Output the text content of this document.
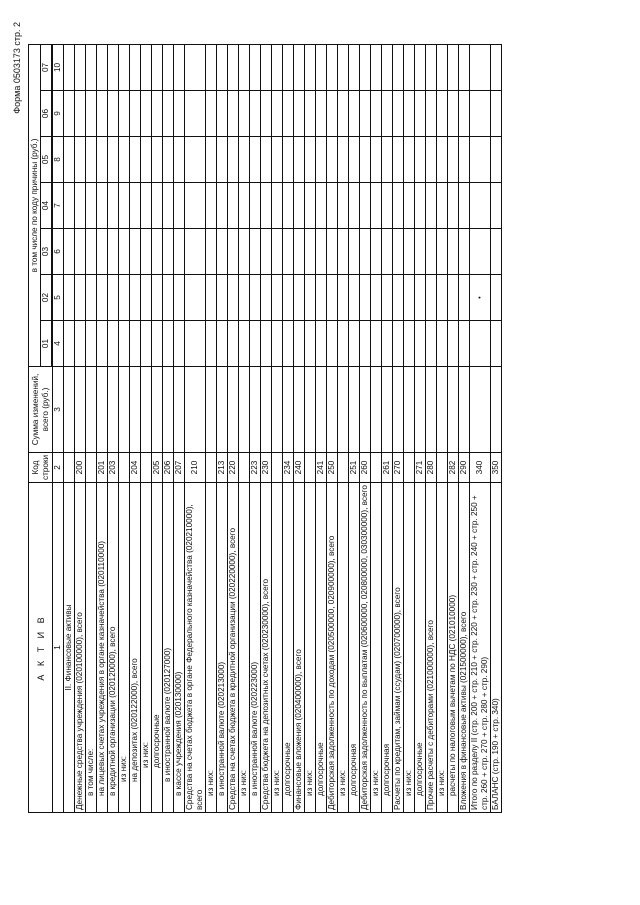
Форма 0503173 стр. 2
А К Т И В	Код строки	Сумма изменений, всего (руб.)	в том числе по коду причины (руб.)						
			01	02	03	04	05	06	07

1	2	3	4	5	6	7	8	9	10
II. Финансовые активы									
Денежные средства учреждения (020100000), всего	200								
в том числе:									
на лицевых счетах учреждения в органе казначейства (020110000)	201								
в кредитной организации (020120000), всего	203								
из них:									
на депозитах (020122000), всего	204								
из них:									
долгосрочные	205								
в иностранной валюте (020127000)	206								
в кассе учреждения (020130000)	207								
Средства на счетах бюджета в органе Федерального казначейства (020210000), всего	210								
из них:									
в иностранной валюте (020213000)	213								
Средства на счетах бюджета в кредитной организации (020220000), всего	220								
из них:									
в иностранной валюте (020223000)	223								
Средства бюджета на депозитных счетах (020230000), всего	230								
из них:									
долгосрочные	234								
Финансовые вложения (020400000), всего	240								
из них:									
долгосрочные	241								
Дебиторская задолженность по доходам (020500000, 020900000), всего	250								
из них:									
долгосрочная	251								
Дебиторская задолженность по выплатам (020600000, 020800000, 030300000), всего	260								
из них:									
долгосрочная	261								
Расчеты по кредитам, займам (ссудам) (020700000), всего	270								
из них:									
долгосрочные	271								
Прочие расчеты с дебиторами (021000000), всего	280								
из них:									
расчеты по налоговым вычетам по НДС (021010000)	282								
Вложения в финансовые активы (021500000), всего	290								
Итого по разделу II (стр. 200 + стр. 210 + стр. 220 + стр. 230 + стр. 240 + стр. 250 + стр. 260 + стр. 270 + стр. 280 + стр. 290)	340			•					
БАЛАНС (стр. 190 + стр. 340)	350								
